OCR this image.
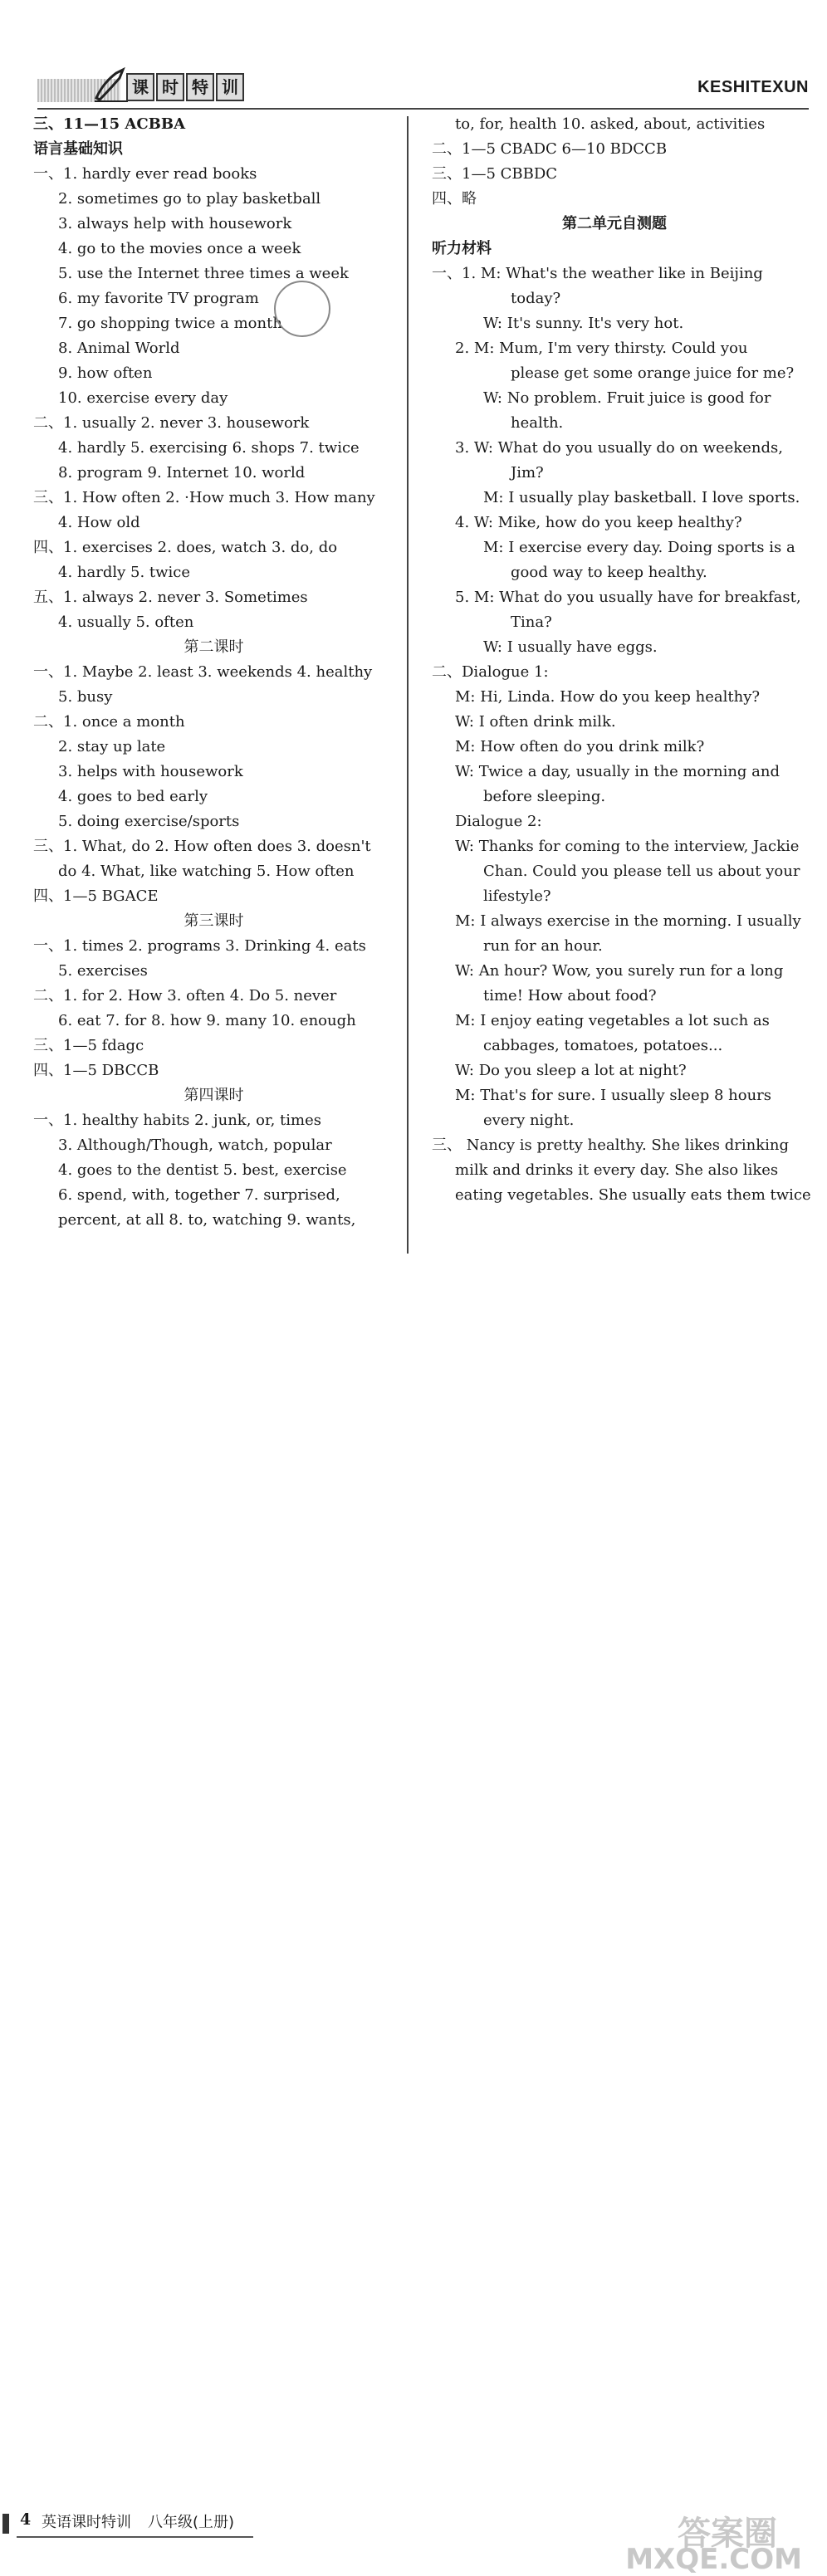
课 时 特 训	KESHITEXUN
三、11—15 ACBBA
语言基础知识
一、1. hardly ever read books
2. sometimes go to play basketball
3. always help with housework
4. go to the movies once a week
5. use the Internet three times a week
6. my favorite TV program
7. go shopping twice a month
8. Animal World
9. how often
10. exercise every day
二、1. usually 2. never 3. housework
4. hardly 5. exercising 6. shops 7. twice
8. program 9. Internet 10. world
三、1. How often 2. ·How much 3. How many
4. How old
四、1. exercises 2. does, watch 3. do, do
4. hardly 5. twice
五、1. always 2. never 3. Sometimes
4. usually 5. often
第二课时
一、1. Maybe 2. least 3. weekends 4. healthy
5. busy
二、1. once a month
2. stay up late
3. helps with housework
4. goes to bed early
5. doing exercise/sports
三、1. What, do 2. How often does 3. doesn't
do 4. What, like watching 5. How often
四、1—5 BGACE
第三课时
一、1. times 2. programs 3. Drinking 4. eats
5. exercises
二、1. for 2. How 3. often 4. Do 5. never
6. eat 7. for 8. how 9. many 10. enough
三、1—5 fdagc
四、1—5 DBCCB
第四课时
一、1. healthy habits 2. junk, or, times
3. Although/Though, watch, popular
4. goes to the dentist 5. best, exercise
6. spend, with, together 7. surprised,
percent, at all 8. to, watching 9. wants,
to, for, health 10. asked, about, activities
二、1—5 CBADC 6—10 BDCCB
三、1—5 CBBDC
四、略
第二单元自测题
听力材料
一、1. M: What's the weather like in Beijing
today?
W: It's sunny. It's very hot.
2. M: Mum, I'm very thirsty. Could you
please get some orange juice for me?
W: No problem. Fruit juice is good for
health.
3. W: What do you usually do on weekends,
Jim?
M: I usually play basketball. I love sports.
4. W: Mike, how do you keep healthy?
M: I exercise every day. Doing sports is a
good way to keep healthy.
5. M: What do you usually have for breakfast,
Tina?
W: I usually have eggs.
二、Dialogue 1:
M: Hi, Linda. How do you keep healthy?
W: I often drink milk.
M: How often do you drink milk?
W: Twice a day, usually in the morning and
before sleeping.
Dialogue 2:
W: Thanks for coming to the interview, Jackie
Chan. Could you please tell us about your
lifestyle?
M: I always exercise in the morning. I usually
run for an hour.
W: An hour? Wow, you surely run for a long
time! How about food?
M: I enjoy eating vegetables a lot such as
cabbages, tomatoes, potatoes...
W: Do you sleep a lot at night?
M: That's for sure. I usually sleep 8 hours
every night.
三、 Nancy is pretty healthy. She likes drinking
milk and drinks it every day. She also likes
eating vegetables. She usually eats them twice
4 英语课时特训 八年级(上册)	答案圈
MXQE.COM
